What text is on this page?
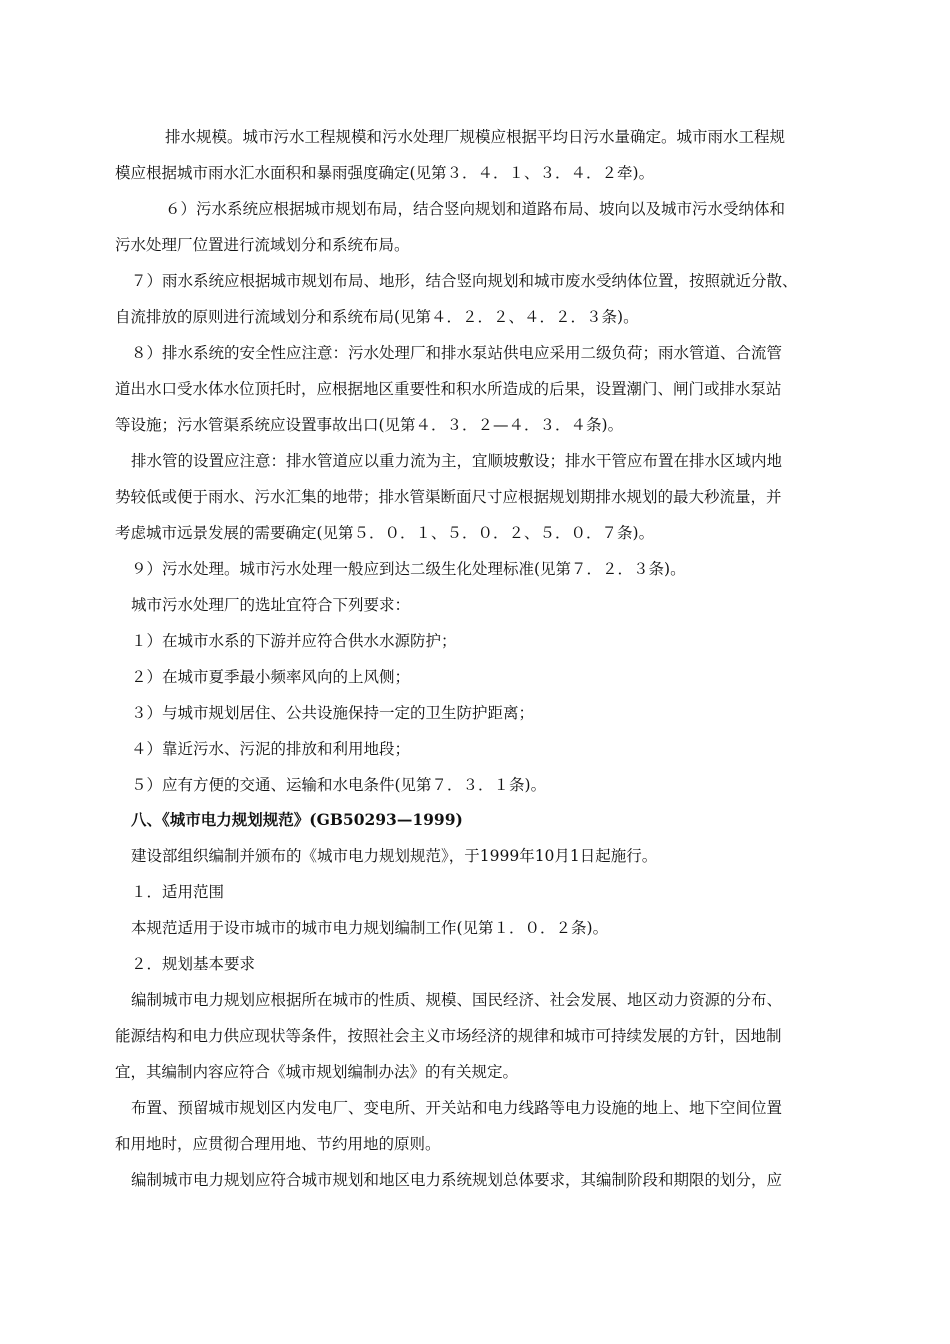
排水规模。城市污水工程规模和污水处理厂规模应根据平均日污水量确定。城市雨水工程规
模应根据城市雨水汇水面积和暴雨强度确定(见第３．４．１、３．４．２牵)。
６）污水系统应根据城市规划布局，结合竖向规划和道路布局、坡向以及城市污水受纳体和
污水处理厂位置进行流域划分和系统布局。
７）雨水系统应根据城市规划布局、地形，结合竖向规划和城市废水受纳体位置，按照就近分散、
自流排放的原则进行流域划分和系统布局(见第４．２．２、４．２．３条)。
８）排水系统的安全性应注意：污水处理厂和排水泵站供电应采用二级负荷；雨水管道、合流管
道出水口受水体水位顶托时，应根据地区重要性和积水所造成的后果，设置潮门、闸门或排水泵站
等设施；污水管渠系统应设置事故出口(见第４．３．２—４．３．４条)。
排水管的设置应注意：排水管道应以重力流为主，宜顺坡敷设；排水干管应布置在排水区域内地
势较低或便于雨水、污水汇集的地带；排水管渠断面尺寸应根据规划期排水规划的最大秒流量，并
考虑城市远景发展的需要确定(见第５．０．１、５．０．２、５．０．７条)。
９）污水处理。城市污水处理一般应到达二级生化处理标准(见第７．２．３条)。
城市污水处理厂的选址宜符合下列要求：
１）在城市水系的下游并应符合供水水源防护；
２）在城市夏季最小频率风向的上风侧；
３）与城市规划居住、公共设施保持一定的卫生防护距离；
４）靠近污水、污泥的排放和利用地段；
５）应有方便的交通、运输和水电条件(见第７．３．１条)。
八、《城市电力规划规范》(GB50293—1999)
建设部组织编制并颁布的《城市电力规划规范》，于1999年10月1日起施行。
１．适用范围
本规范适用于设市城市的城市电力规划编制工作(见第１．０．２条)。
２．规划基本要求
编制城市电力规划应根据所在城市的性质、规模、国民经济、社会发展、地区动力资源的分布、
能源结构和电力供应现状等条件，按照社会主义市场经济的规律和城市可持续发展的方针，因地制
宜，其编制内容应符合《城市规划编制办法》的有关规定。
布置、预留城市规划区内发电厂、变电所、开关站和电力线路等电力设施的地上、地下空间位置
和用地时，应贯彻合理用地、节约用地的原则。
编制城市电力规划应符合城市规划和地区电力系统规划总体要求，其编制阶段和期限的划分，应
